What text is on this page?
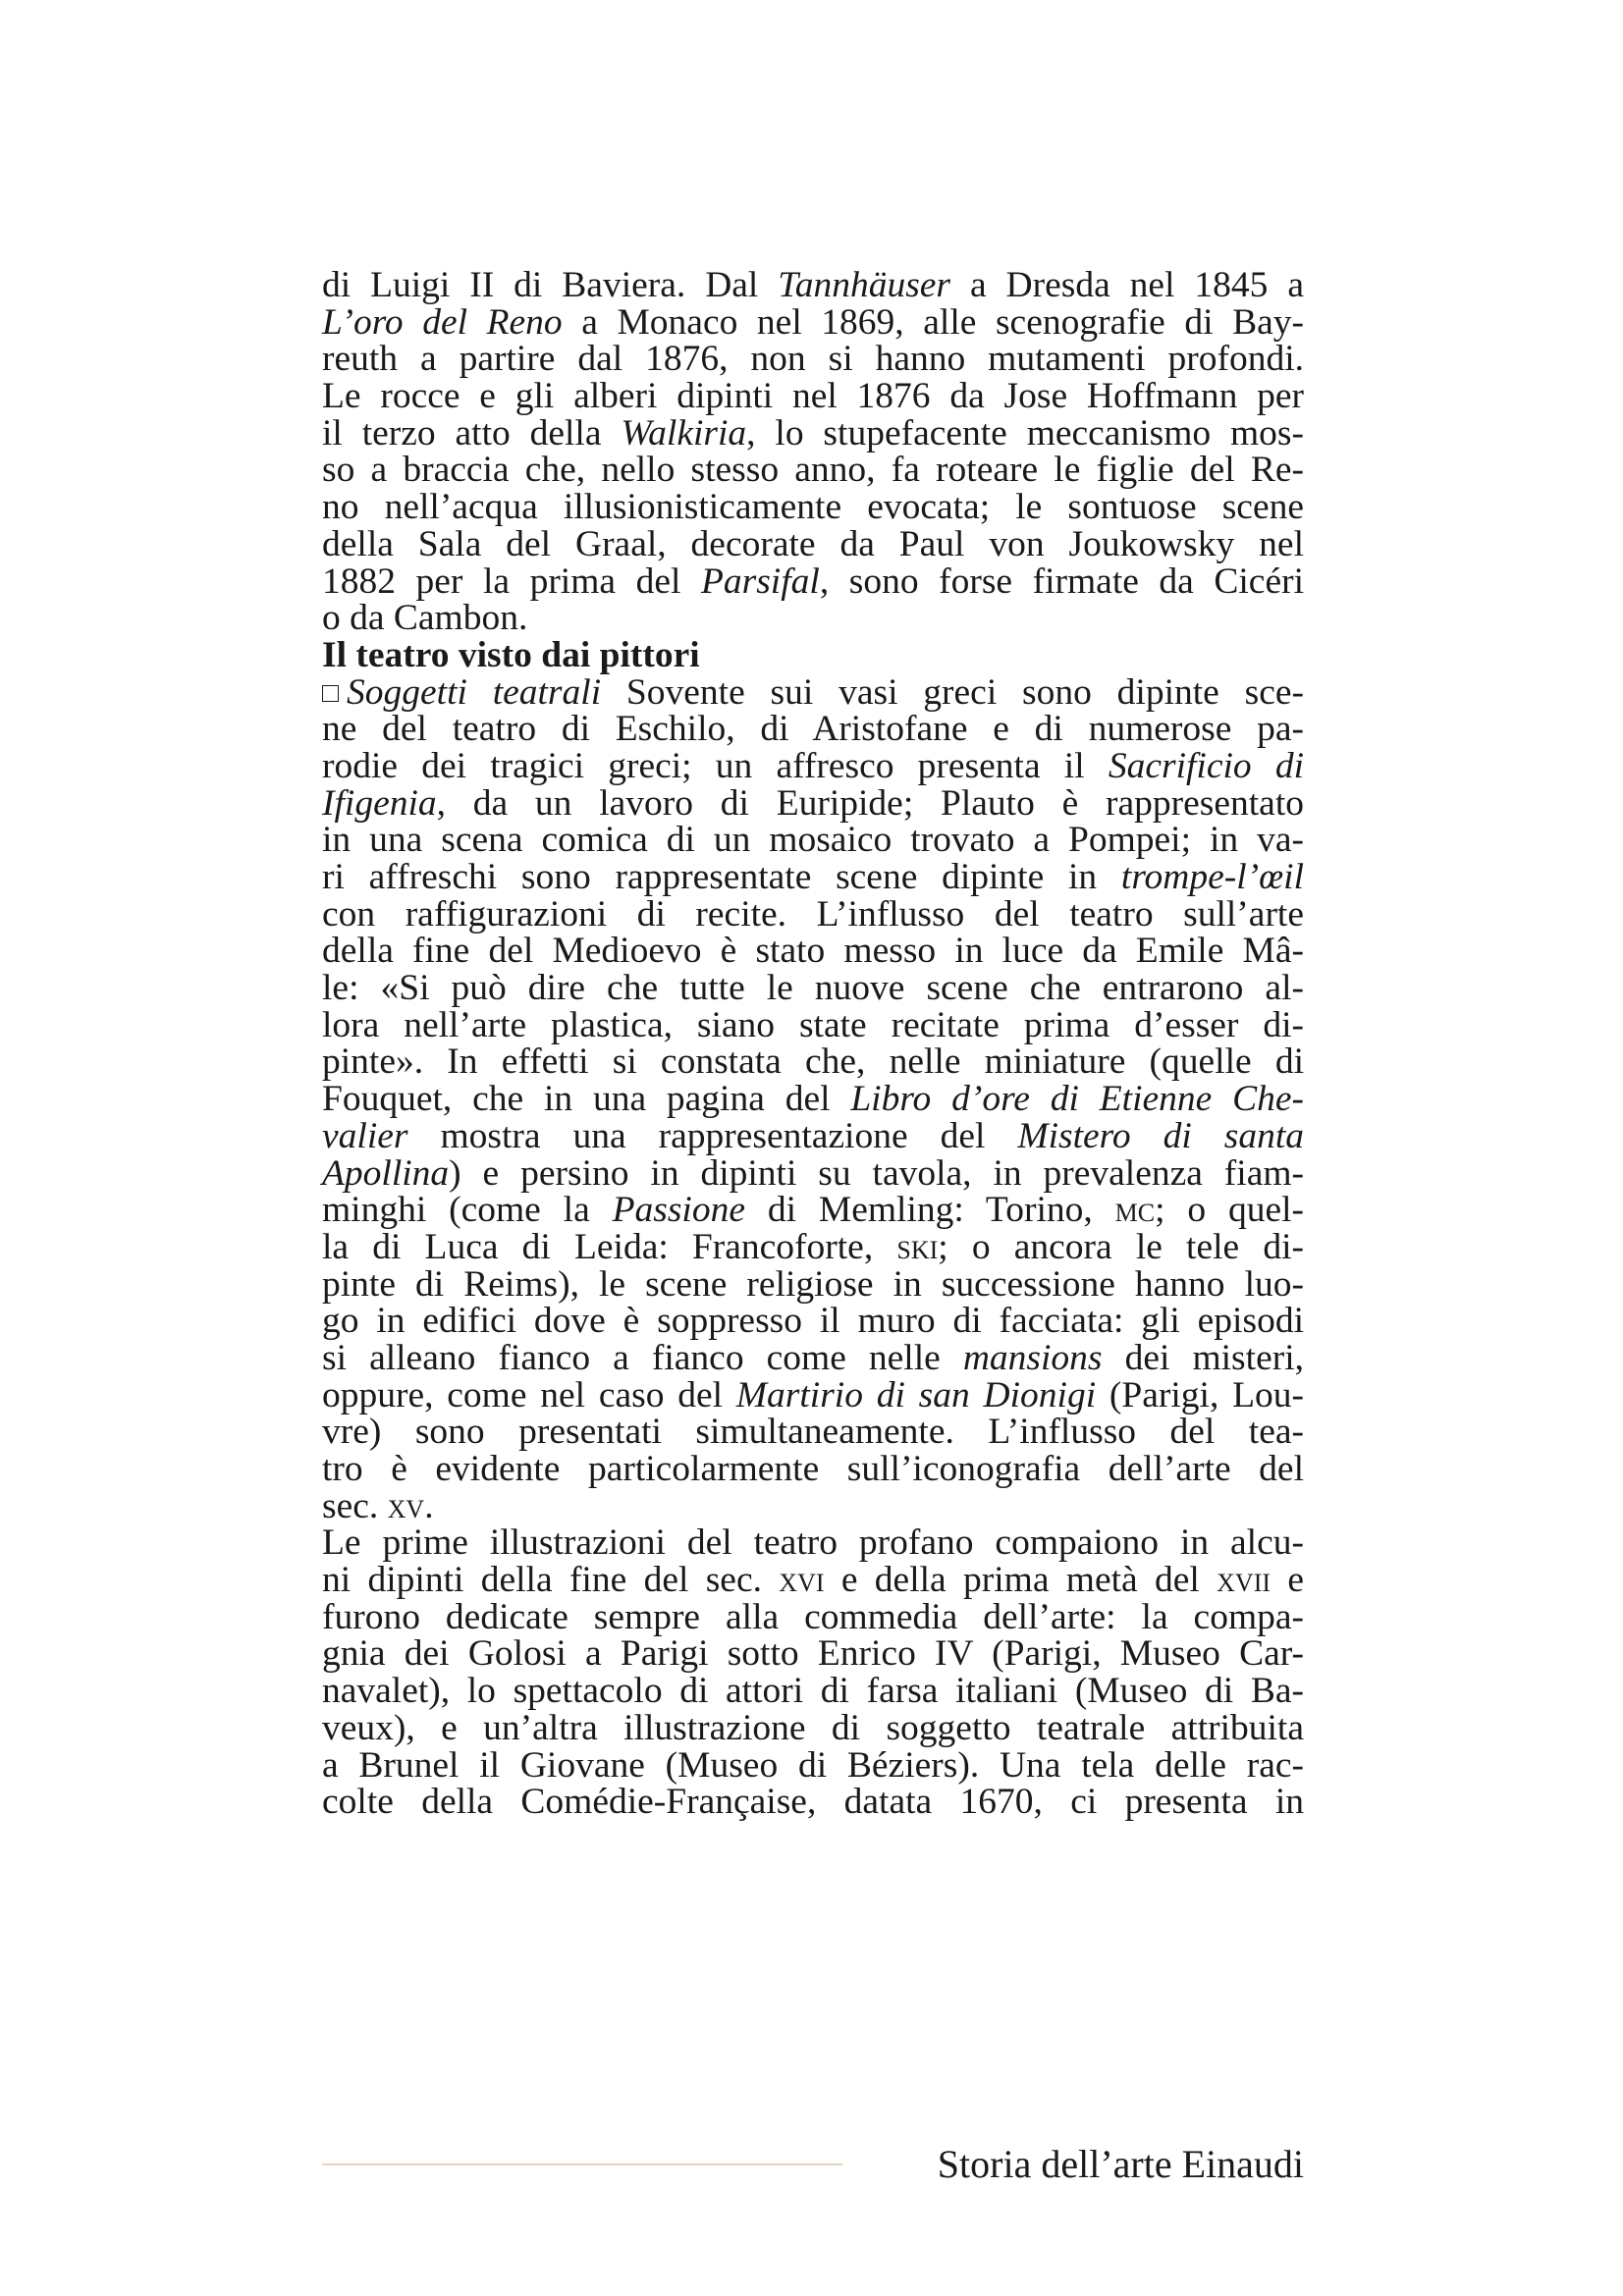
di Luigi II di Baviera. Dal Tannhäuser a Dresda nel 1845 a
L’oro del Reno a Monaco nel 1869, alle scenografie di Bay-
reuth a partire dal 1876, non si hanno mutamenti profondi.
Le rocce e gli alberi dipinti nel 1876 da Jose Hoffmann per
il terzo atto della Walkiria, lo stupefacente meccanismo mos-
so a braccia che, nello stesso anno, fa roteare le figlie del Re-
no nell’acqua illusionisticamente evocata; le sontuose scene
della Sala del Graal, decorate da Paul von Joukowsky nel
1882 per la prima del Parsifal, sono forse firmate da Cicéri
o da Cambon.
Il teatro visto dai pittori
Soggetti teatrali Sovente sui vasi greci sono dipinte sce-
ne del teatro di Eschilo, di Aristofane e di numerose pa-
rodie dei tragici greci; un affresco presenta il Sacrificio di
Ifigenia, da un lavoro di Euripide; Plauto è rappresentato
in una scena comica di un mosaico trovato a Pompei; in va-
ri affreschi sono rappresentate scene dipinte in trompe-l’œil
con raffigurazioni di recite. L’influsso del teatro sull’arte
della fine del Medioevo è stato messo in luce da Emile Mâ-
le: «Si può dire che tutte le nuove scene che entrarono al-
lora nell’arte plastica, siano state recitate prima d’esser di-
pinte». In effetti si constata che, nelle miniature (quelle di
Fouquet, che in una pagina del Libro d’ore di Etienne Che-
valier mostra una rappresentazione del Mistero di santa
Apollina) e persino in dipinti su tavola, in prevalenza fiam-
minghi (come la Passione di Memling: Torino, mc; o quel-
la di Luca di Leida: Francoforte, ski; o ancora le tele di-
pinte di Reims), le scene religiose in successione hanno luo-
go in edifici dove è soppresso il muro di facciata: gli episodi
si alleano fianco a fianco come nelle mansions dei misteri,
oppure, come nel caso del Martirio di san Dionigi (Parigi, Lou-
vre) sono presentati simultaneamente. L’influsso del tea-
tro è evidente particolarmente sull’iconografia dell’arte del
sec. xv.
Le prime illustrazioni del teatro profano compaiono in alcu-
ni dipinti della fine del sec. xvi e della prima metà del xvii e
furono dedicate sempre alla commedia dell’arte: la compa-
gnia dei Golosi a Parigi sotto Enrico IV (Parigi, Museo Car-
navalet), lo spettacolo di attori di farsa italiani (Museo di Ba-
veux), e un’altra illustrazione di soggetto teatrale attribuita
a Brunel il Giovane (Museo di Béziers). Una tela delle rac-
colte della Comédie-Française, datata 1670, ci presenta in
Storia dell’arte Einaudi
